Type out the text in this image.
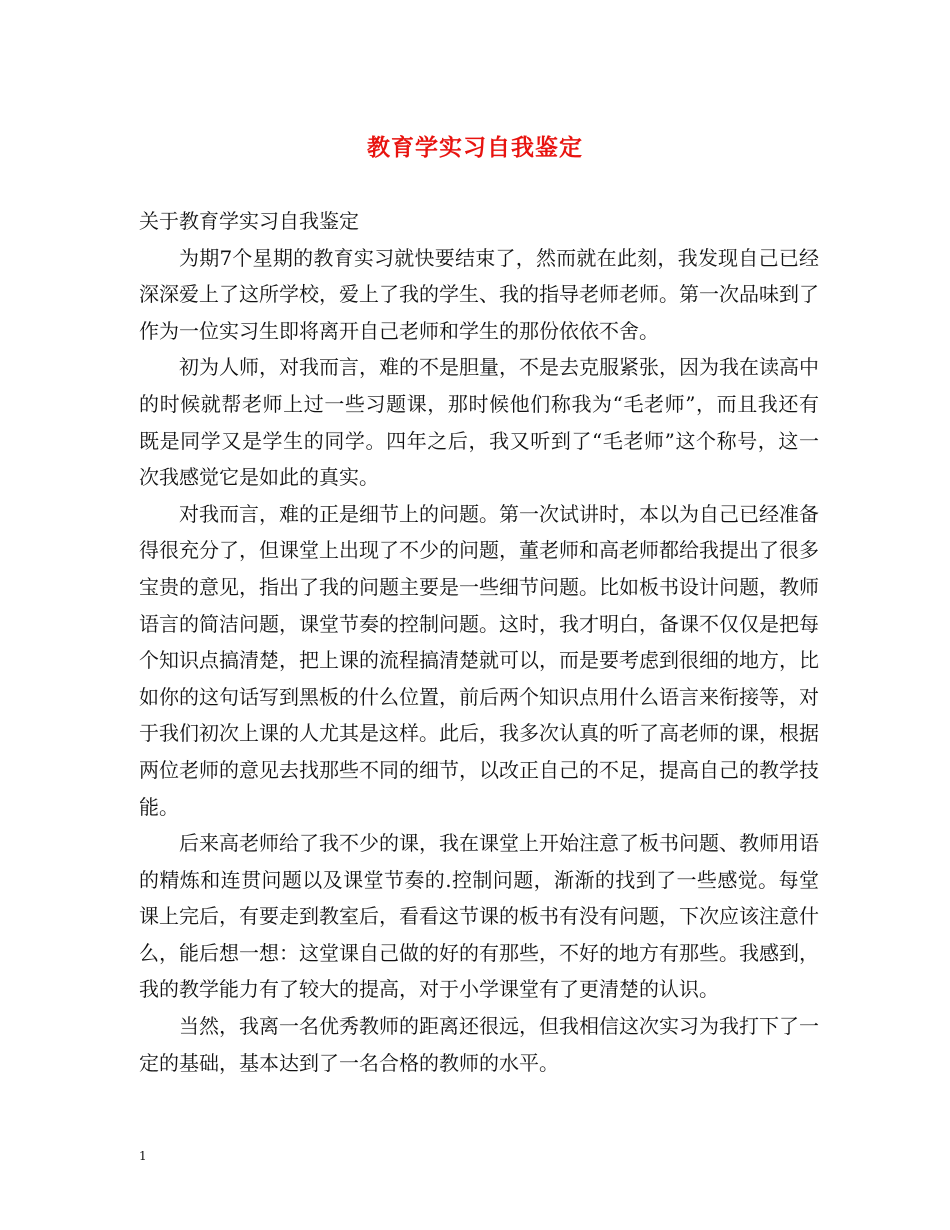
教育学实习自我鉴定

关于教育学实习自我鉴定

为期7个星期的教育实习就快要结束了，然而就在此刻，我发现自己已经深深爱上了这所学校，爱上了我的学生、我的指导老师老师。第一次品味到了作为一位实习生即将离开自己老师和学生的那份依依不舍。

初为人师，对我而言，难的不是胆量，不是去克服紧张，因为我在读高中的时候就帮老师上过一些习题课，那时候他们称我为“毛老师”，而且我还有既是同学又是学生的同学。四年之后，我又听到了“毛老师”这个称号，这一次我感觉它是如此的真实。

对我而言，难的正是细节上的问题。第一次试讲时，本以为自己已经准备得很充分了，但课堂上出现了不少的问题，董老师和高老师都给我提出了很多宝贵的意见，指出了我的问题主要是一些细节问题。比如板书设计问题，教师语言的简洁问题，课堂节奏的控制问题。这时，我才明白，备课不仅仅是把每个知识点搞清楚，把上课的流程搞清楚就可以，而是要考虑到很细的地方，比如你的这句话写到黑板的什么位置，前后两个知识点用什么语言来衔接等，对于我们初次上课的人尤其是这样。此后，我多次认真的听了高老师的课，根据两位老师的意见去找那些不同的细节，以改正自己的不足，提高自己的教学技能。

后来高老师给了我不少的课，我在课堂上开始注意了板书问题、教师用语的精炼和连贯问题以及课堂节奏的.控制问题，渐渐的找到了一些感觉。每堂课上完后，有要走到教室后，看看这节课的板书有没有问题，下次应该注意什么，能后想一想：这堂课自己做的好的有那些，不好的地方有那些。我感到，我的教学能力有了较大的提高，对于小学课堂有了更清楚的认识。

当然，我离一名优秀教师的距离还很远，但我相信这次实习为我打下了一定的基础，基本达到了一名合格的教师的水平。

1
